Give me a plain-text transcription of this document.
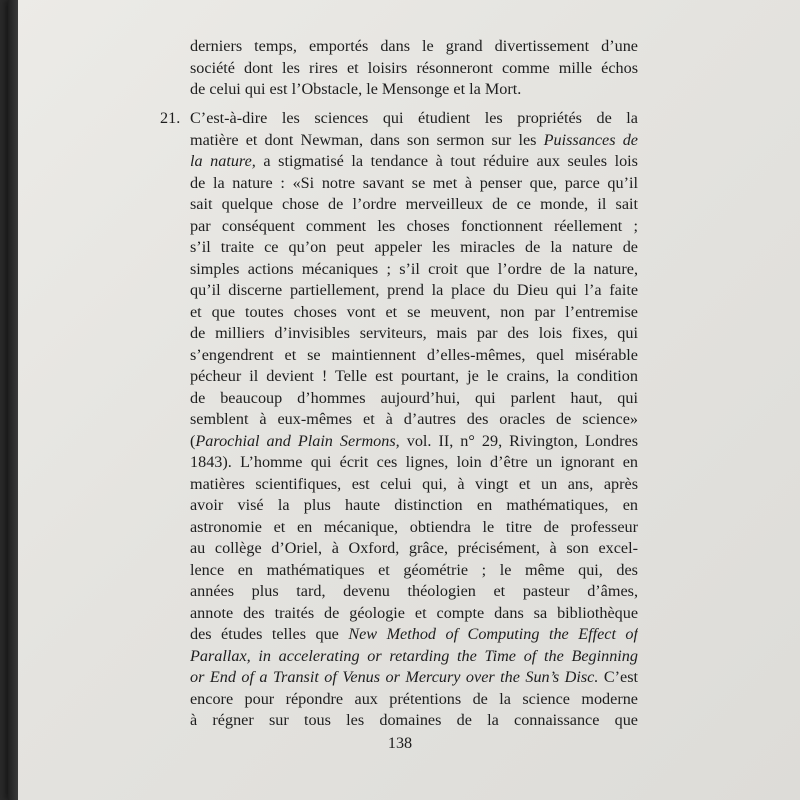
derniers temps, emportés dans le grand divertissement d’une
société dont les rires et loisirs résonneront comme mille échos
de celui qui est l’Obstacle, le Mensonge et la Mort.
21. C’est-à-dire les sciences qui étudient les propriétés de la
matière et dont Newman, dans son sermon sur les Puissances de
la nature, a stigmatisé la tendance à tout réduire aux seules lois
de la nature : «Si notre savant se met à penser que, parce qu’il
sait quelque chose de l’ordre merveilleux de ce monde, il sait
par conséquent comment les choses fonctionnent réellement ;
s’il traite ce qu’on peut appeler les miracles de la nature de
simples actions mécaniques ; s’il croit que l’ordre de la nature,
qu’il discerne partiellement, prend la place du Dieu qui l’a faite
et que toutes choses vont et se meuvent, non par l’entremise
de milliers d’invisibles serviteurs, mais par des lois fixes, qui
s’engendrent et se maintiennent d’elles-mêmes, quel misérable
pécheur il devient ! Telle est pourtant, je le crains, la condition
de beaucoup d’hommes aujourd’hui, qui parlent haut, qui
semblent à eux-mêmes et à d’autres des oracles de science»
(Parochial and Plain Sermons, vol. II, n° 29, Rivington, Londres
1843). L’homme qui écrit ces lignes, loin d’être un ignorant en
matières scientifiques, est celui qui, à vingt et un ans, après
avoir visé la plus haute distinction en mathématiques, en
astronomie et en mécanique, obtiendra le titre de professeur
au collège d’Oriel, à Oxford, grâce, précisément, à son excel-
lence en mathématiques et géométrie ; le même qui, des
années plus tard, devenu théologien et pasteur d’âmes,
annote des traités de géologie et compte dans sa bibliothèque
des études telles que New Method of Computing the Effect of
Parallax, in accelerating or retarding the Time of the Beginning
or End of a Transit of Venus or Mercury over the Sun’s Disc. C’est
encore pour répondre aux prétentions de la science moderne
à régner sur tous les domaines de la connaissance que
138
